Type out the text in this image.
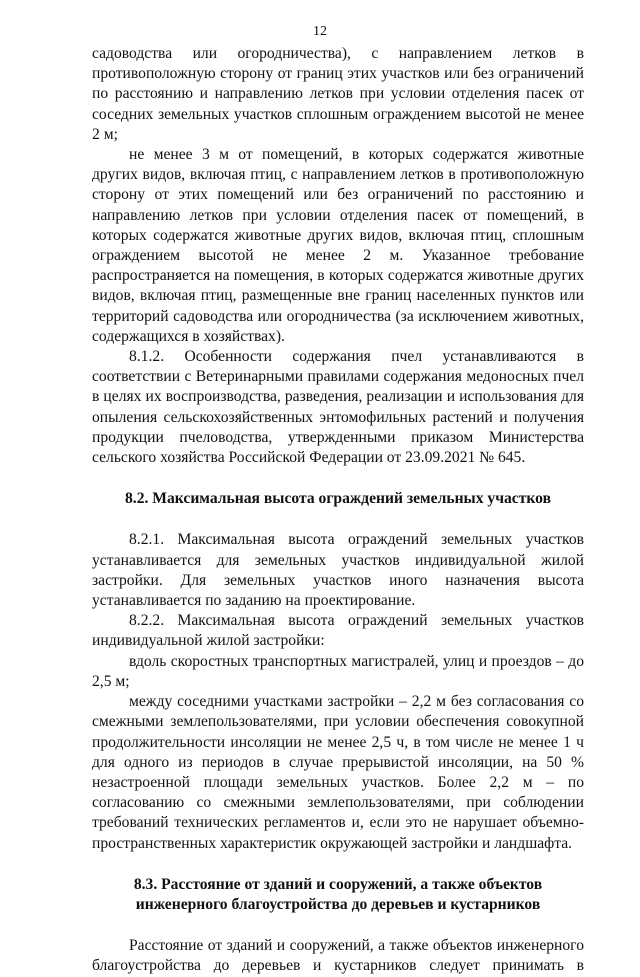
12

садоводства или огородничества), с направлением летков в противоположную сторону от границ этих участков или без ограничений по расстоянию и направлению летков при условии отделения пасек от соседних земельных участков сплошным ограждением высотой не менее 2 м;

не менее 3 м от помещений, в которых содержатся животные других видов, включая птиц, с направлением летков в противоположную сторону от этих помещений или без ограничений по расстоянию и направлению летков при условии отделения пасек от помещений, в которых содержатся животные других видов, включая птиц, сплошным ограждением высотой не менее 2 м. Указанное требование распространяется на помещения, в которых содержатся животные других видов, включая птиц, размещенные вне границ населенных пунктов или территорий садоводства или огородничества (за исключением животных, содержащихся в хозяйствах).

8.1.2. Особенности содержания пчел устанавливаются в соответствии с Ветеринарными правилами содержания медоносных пчел в целях их воспроизводства, разведения, реализации и использования для опыления сельскохозяйственных энтомофильных растений и получения продукции пчеловодства, утвержденными приказом Министерства сельского хозяйства Российской Федерации от 23.09.2021 № 645.

8.2. Максимальная высота ограждений земельных участков

8.2.1. Максимальная высота ограждений земельных участков устанавливается для земельных участков индивидуальной жилой застройки. Для земельных участков иного назначения высота устанавливается по заданию на проектирование.

8.2.2. Максимальная высота ограждений земельных участков индивидуальной жилой застройки:

вдоль скоростных транспортных магистралей, улиц и проездов – до 2,5 м;

между соседними участками застройки – 2,2 м без согласования со смежными землепользователями, при условии обеспечения совокупной продолжительности инсоляции не менее 2,5 ч, в том числе не менее 1 ч для одного из периодов в случае прерывистой инсоляции, на 50 % незастроенной площади земельных участков. Более 2,2 м – по согласованию со смежными землепользователями, при соблюдении требований технических регламентов и, если это не нарушает объемно-пространственных характеристик окружающей застройки и ландшафта.

8.3. Расстояние от зданий и сооружений, а также объектов

инженерного благоустройства до деревьев и кустарников

Расстояние от зданий и сооружений, а также объектов инженерного благоустройства до деревьев и кустарников следует принимать в
